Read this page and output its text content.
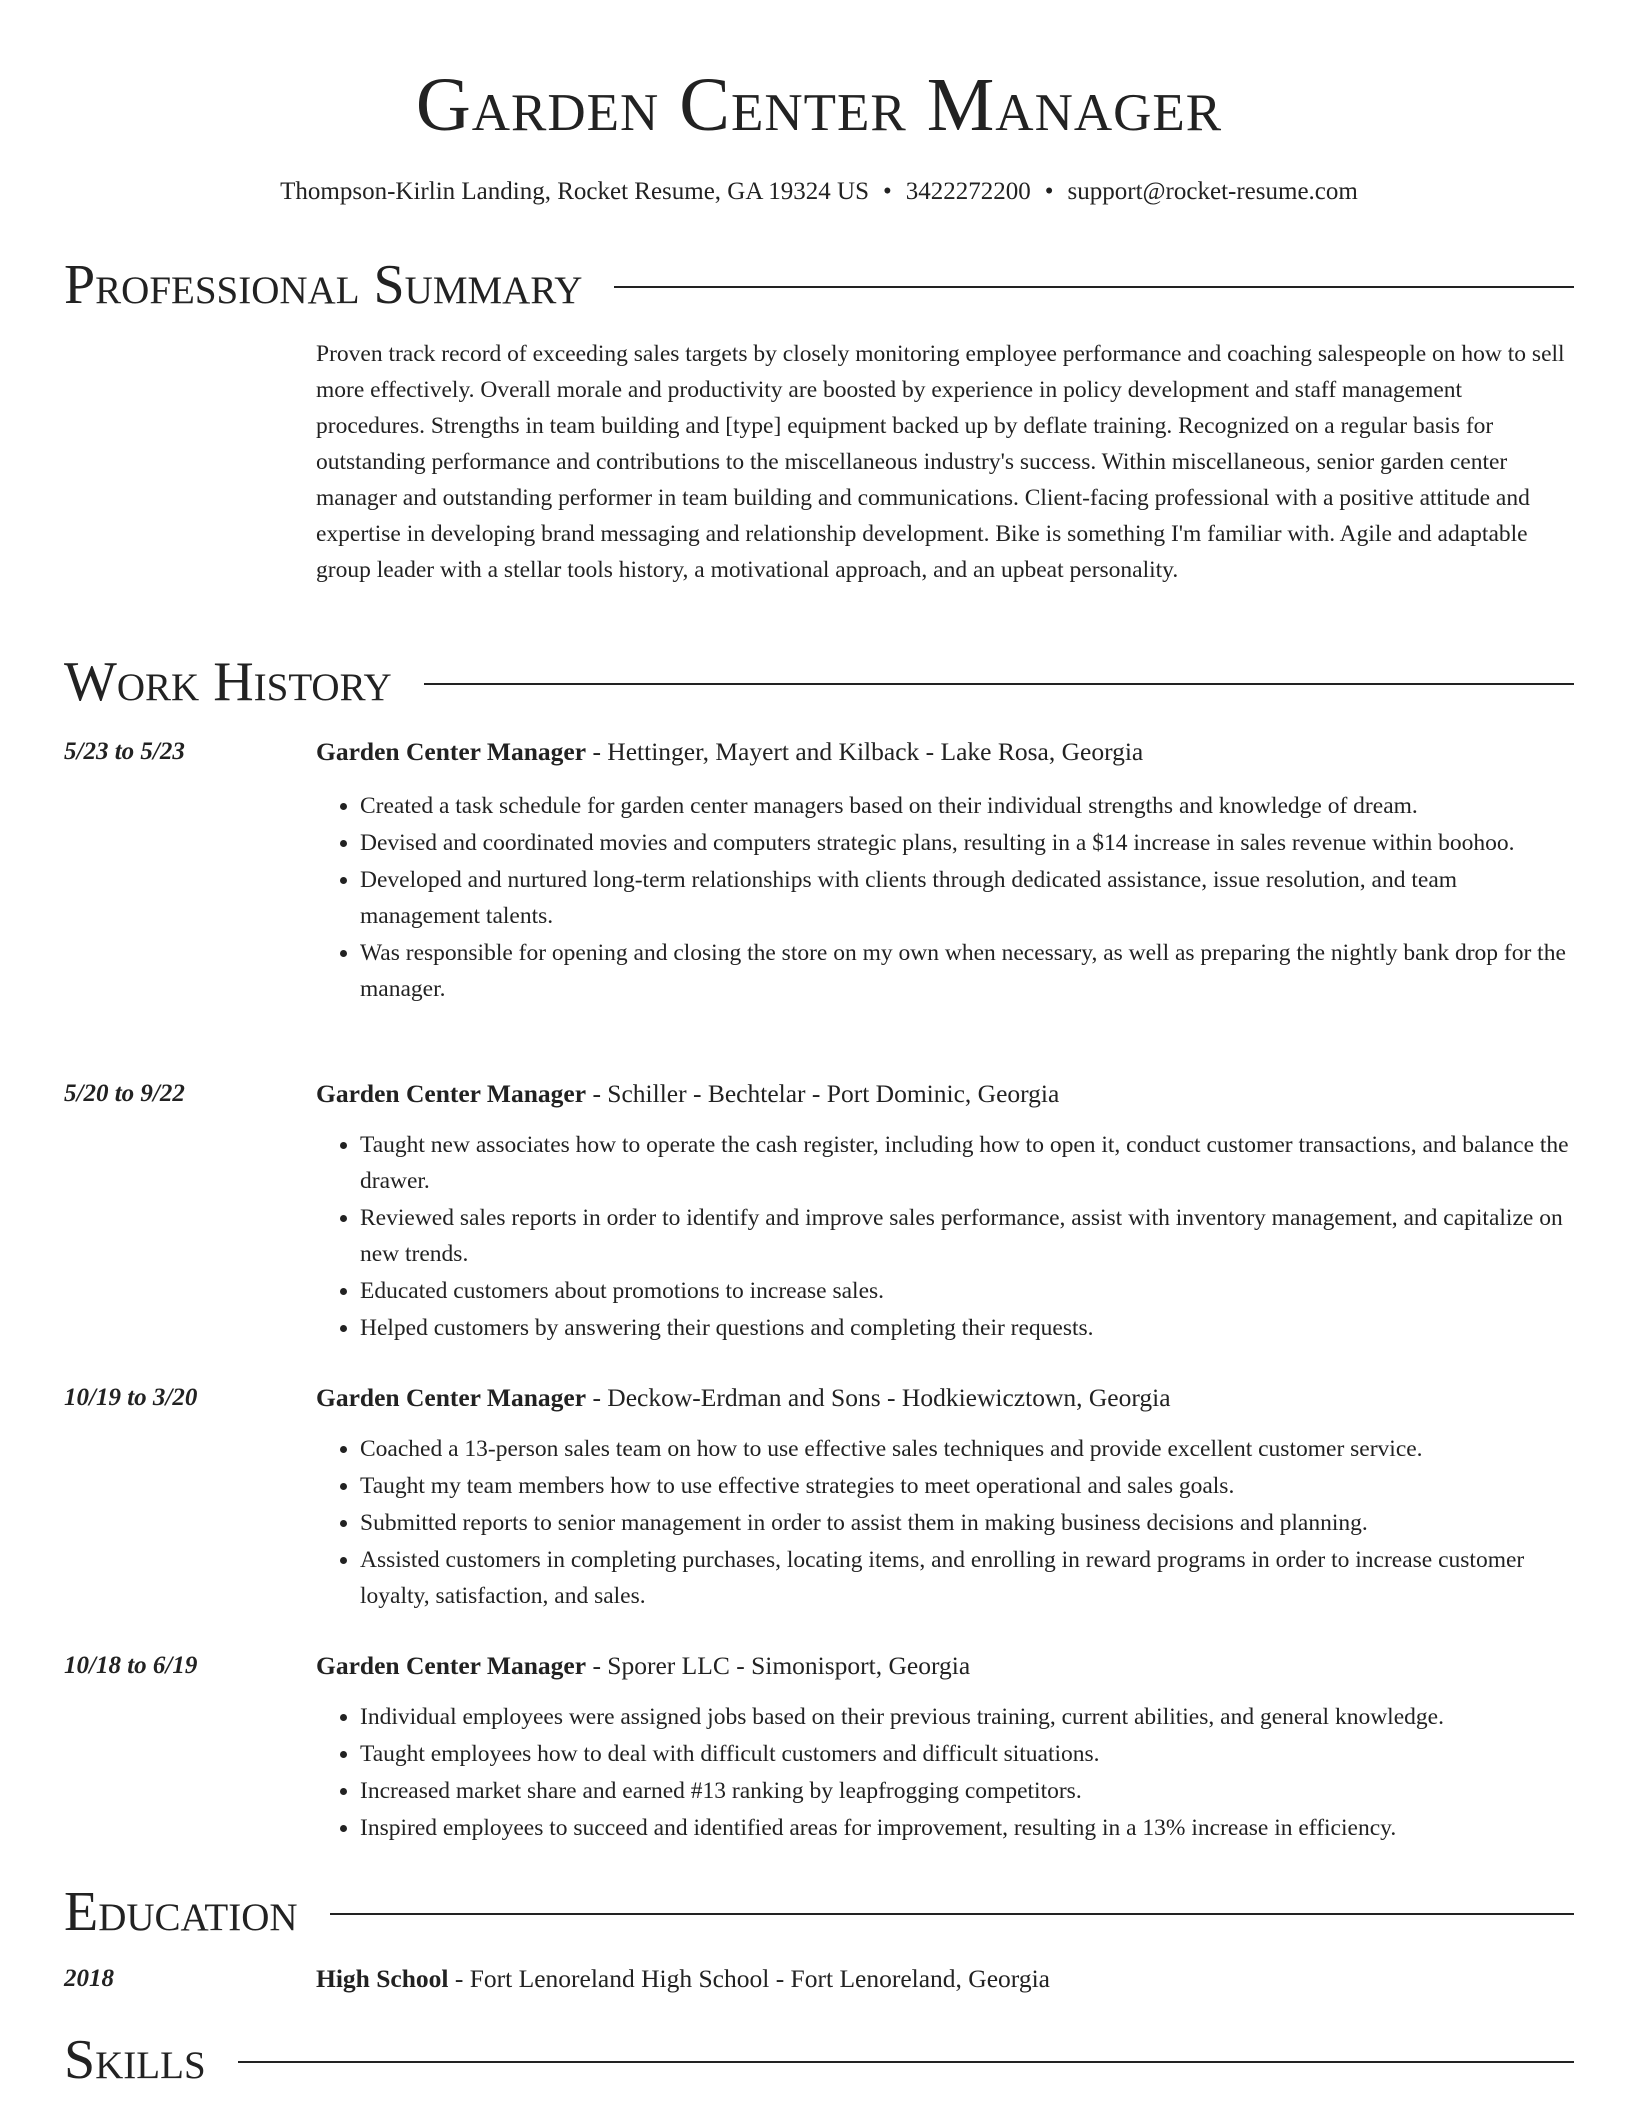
Garden Center Manager
Thompson-Kirlin Landing, Rocket Resume, GA 19324 US • 3422272200 • support@rocket-resume.com
Professional Summary

Proven track record of exceeding sales targets by closely monitoring employee performance and coaching salespeople on how to sell more effectively. Overall morale and productivity are boosted by experience in policy development and staff management procedures. Strengths in team building and [type] equipment backed up by deflate training. Recognized on a regular basis for outstanding performance and contributions to the miscellaneous industry's success. Within miscellaneous, senior garden center manager and outstanding performer in team building and communications. Client-facing professional with a positive attitude and expertise in developing brand messaging and relationship development. Bike is something I'm familiar with. Agile and adaptable group leader with a stellar tools history, a motivational approach, and an upbeat personality.

Work History
5/23 to 5/23	Garden Center Manager - Hettinger, Mayert and Kilback - Lake Rosa, Georgia
• Created a task schedule for garden center managers based on their individual strengths and knowledge of dream.
• Devised and coordinated movies and computers strategic plans, resulting in a $14 increase in sales revenue within boohoo.
• Developed and nurtured long-term relationships with clients through dedicated assistance, issue resolution, and team management talents.
• Was responsible for opening and closing the store on my own when necessary, as well as preparing the nightly bank drop for the manager.
5/20 to 9/22	Garden Center Manager - Schiller - Bechtelar - Port Dominic, Georgia
• Taught new associates how to operate the cash register, including how to open it, conduct customer transactions, and balance the drawer.
• Reviewed sales reports in order to identify and improve sales performance, assist with inventory management, and capitalize on new trends.
• Educated customers about promotions to increase sales.
• Helped customers by answering their questions and completing their requests.
10/19 to 3/20	Garden Center Manager - Deckow-Erdman and Sons - Hodkiewicztown, Georgia
• Coached a 13-person sales team on how to use effective sales techniques and provide excellent customer service.
• Taught my team members how to use effective strategies to meet operational and sales goals.
• Submitted reports to senior management in order to assist them in making business decisions and planning.
• Assisted customers in completing purchases, locating items, and enrolling in reward programs in order to increase customer loyalty, satisfaction, and sales.
10/18 to 6/19	Garden Center Manager - Sporer LLC - Simonisport, Georgia
• Individual employees were assigned jobs based on their previous training, current abilities, and general knowledge.
• Taught employees how to deal with difficult customers and difficult situations.
• Increased market share and earned #13 ranking by leapfrogging competitors.
• Inspired employees to succeed and identified areas for improvement, resulting in a 13% increase in efficiency.
Education
2018	High School - Fort Lenoreland High School - Fort Lenoreland, Georgia
Skills
